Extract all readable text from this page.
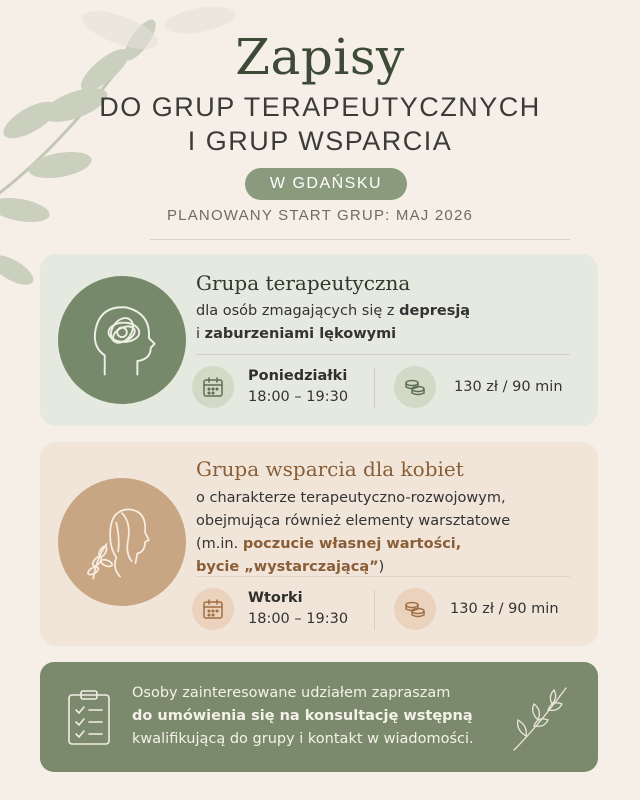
Zapisy
DO GRUP TERAPEUTYCZNYCH
I GRUP WSPARCIA
W GDAŃSKU
PLANOWANY START GRUP: MAJ 2026
Grupa terapeutyczna
dla osób zmagających się z depresją
i zaburzeniami lękowymi
Poniedziałki
18:00 – 19:30
130 zł / 90 min
Grupa wsparcia dla kobiet
o charakterze terapeutyczno-rozwojowym,
obejmująca również elementy warsztatowe
(m.in. poczucie własnej wartości,
bycie „wystarczającą”)
Wtorki
18:00 – 19:30
130 zł / 90 min
Osoby zainteresowane udziałem zapraszam
do umówienia się na konsultację wstępną
kwalifikującą do grupy i kontakt w wiadomości.
